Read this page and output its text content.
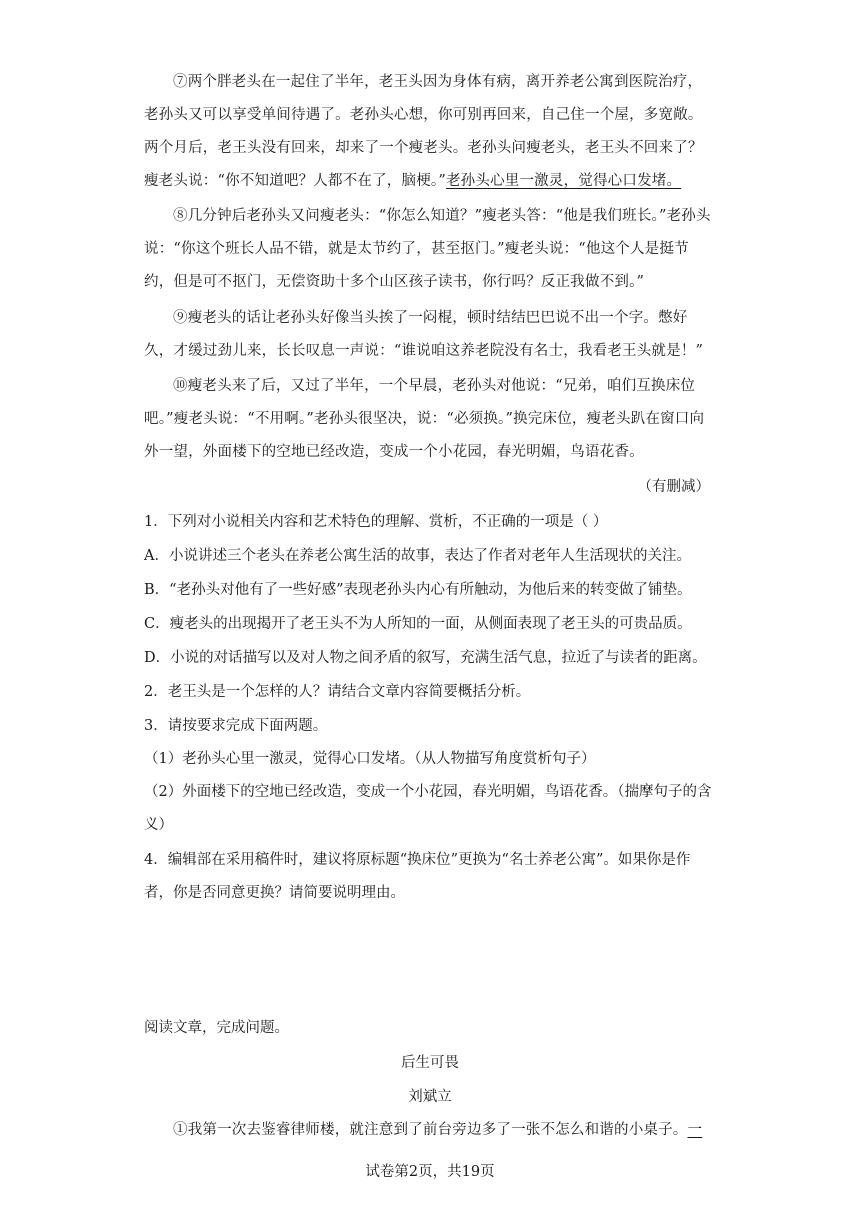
⑦两个胖老头在一起住了半年，老王头因为身体有病，离开养老公寓到医院治疗，老孙头又可以享受单间待遇了。老孙头心想，你可别再回来，自己住一个屋，多宽敞。两个月后，老王头没有回来，却来了一个瘦老头。老孙头问瘦老头，老王头不回来了？瘦老头说：“你不知道吧？人都不在了，脑梗。”老孙头心里一激灵，觉得心口发堵。
⑧几分钟后老孙头又问瘦老头：“你怎么知道？”瘦老头答：“他是我们班长。”老孙头说：“你这个班长人品不错，就是太节约了，甚至抠门。”瘦老头说：“他这个人是挺节约，但是可不抠门，无偿资助十多个山区孩子读书，你行吗？反正我做不到。”
⑨瘦老头的话让老孙头好像当头挨了一闷棍，顿时结结巴巴说不出一个字。憋好久，才缓过劲儿来，长长叹息一声说：“谁说咱这养老院没有名士，我看老王头就是！”
⑩瘦老头来了后，又过了半年，一个早晨，老孙头对他说：“兄弟，咱们互换床位吧。”瘦老头说：“不用啊。”老孙头很坚决，说：“必须换。”换完床位，瘦老头趴在窗口向外一望，外面楼下的空地已经改造，变成一个小花园，春光明媚，鸟语花香。
（有删减）
1．下列对小说相关内容和艺术特色的理解、赏析，不正确的一项是（ ）
A．小说讲述三个老头在养老公寓生活的故事，表达了作者对老年人生活现状的关注。
B．“老孙头对他有了一些好感”表现老孙头内心有所触动，为他后来的转变做了铺垫。
C．瘦老头的出现揭开了老王头不为人所知的一面，从侧面表现了老王头的可贵品质。
D．小说的对话描写以及对人物之间矛盾的叙写，充满生活气息，拉近了与读者的距离。
2．老王头是一个怎样的人？请结合文章内容简要概括分析。
3．请按要求完成下面两题。
（1）老孙头心里一激灵，觉得心口发堵。（从人物描写角度赏析句子）
（2）外面楼下的空地已经改造，变成一个小花园，春光明媚，鸟语花香。（揣摩句子的含义）
4．编辑部在采用稿件时，建议将原标题“换床位”更换为“名士养老公寓”。如果你是作者，你是否同意更换？请简要说明理由。
阅读文章，完成问题。
后生可畏
刘斌立
①我第一次去鉴睿律师楼，就注意到了前台旁边多了一张不怎么和谐的小桌子。一
试卷第2页，共19页
